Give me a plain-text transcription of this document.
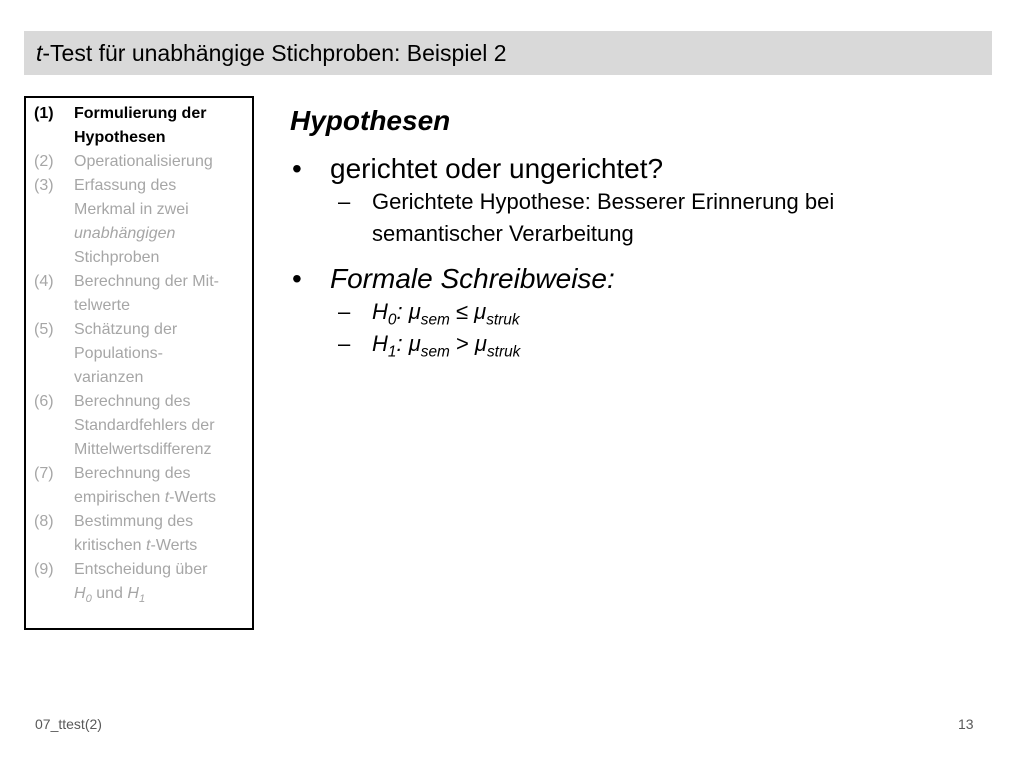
t-Test für unabhängige Stichproben: Beispiel 2
(1)	Formulierung der
Hypothesen
(2)	Operationalisierung
(3)	Erfassung des
Merkmal in zwei
unabhängigen
Stichproben
(4)	Berechnung der Mit-
telwerte
(5)	Schätzung der
Populations-
varianzen
(6)	Berechnung des
Standardfehlers der
Mittelwertsdifferenz
(7)	Berechnung des
empirischen t-Werts
(8)	Bestimmung des
kritischen t-Werts
(9)	Entscheidung über
$H_0$ und $H_1$
Hypothesen
•	gerichtet oder ungerichtet?
– Gerichtete Hypothese: Besserer Erinnerung bei
semantischer Verarbeitung
•	Formale Schreibweise:
– $H_0$: $\mu_{sem} \le \mu_{struk}$
– $H_1$: $\mu_{sem} > \mu_{struk}$
07_ttest(2)	13
